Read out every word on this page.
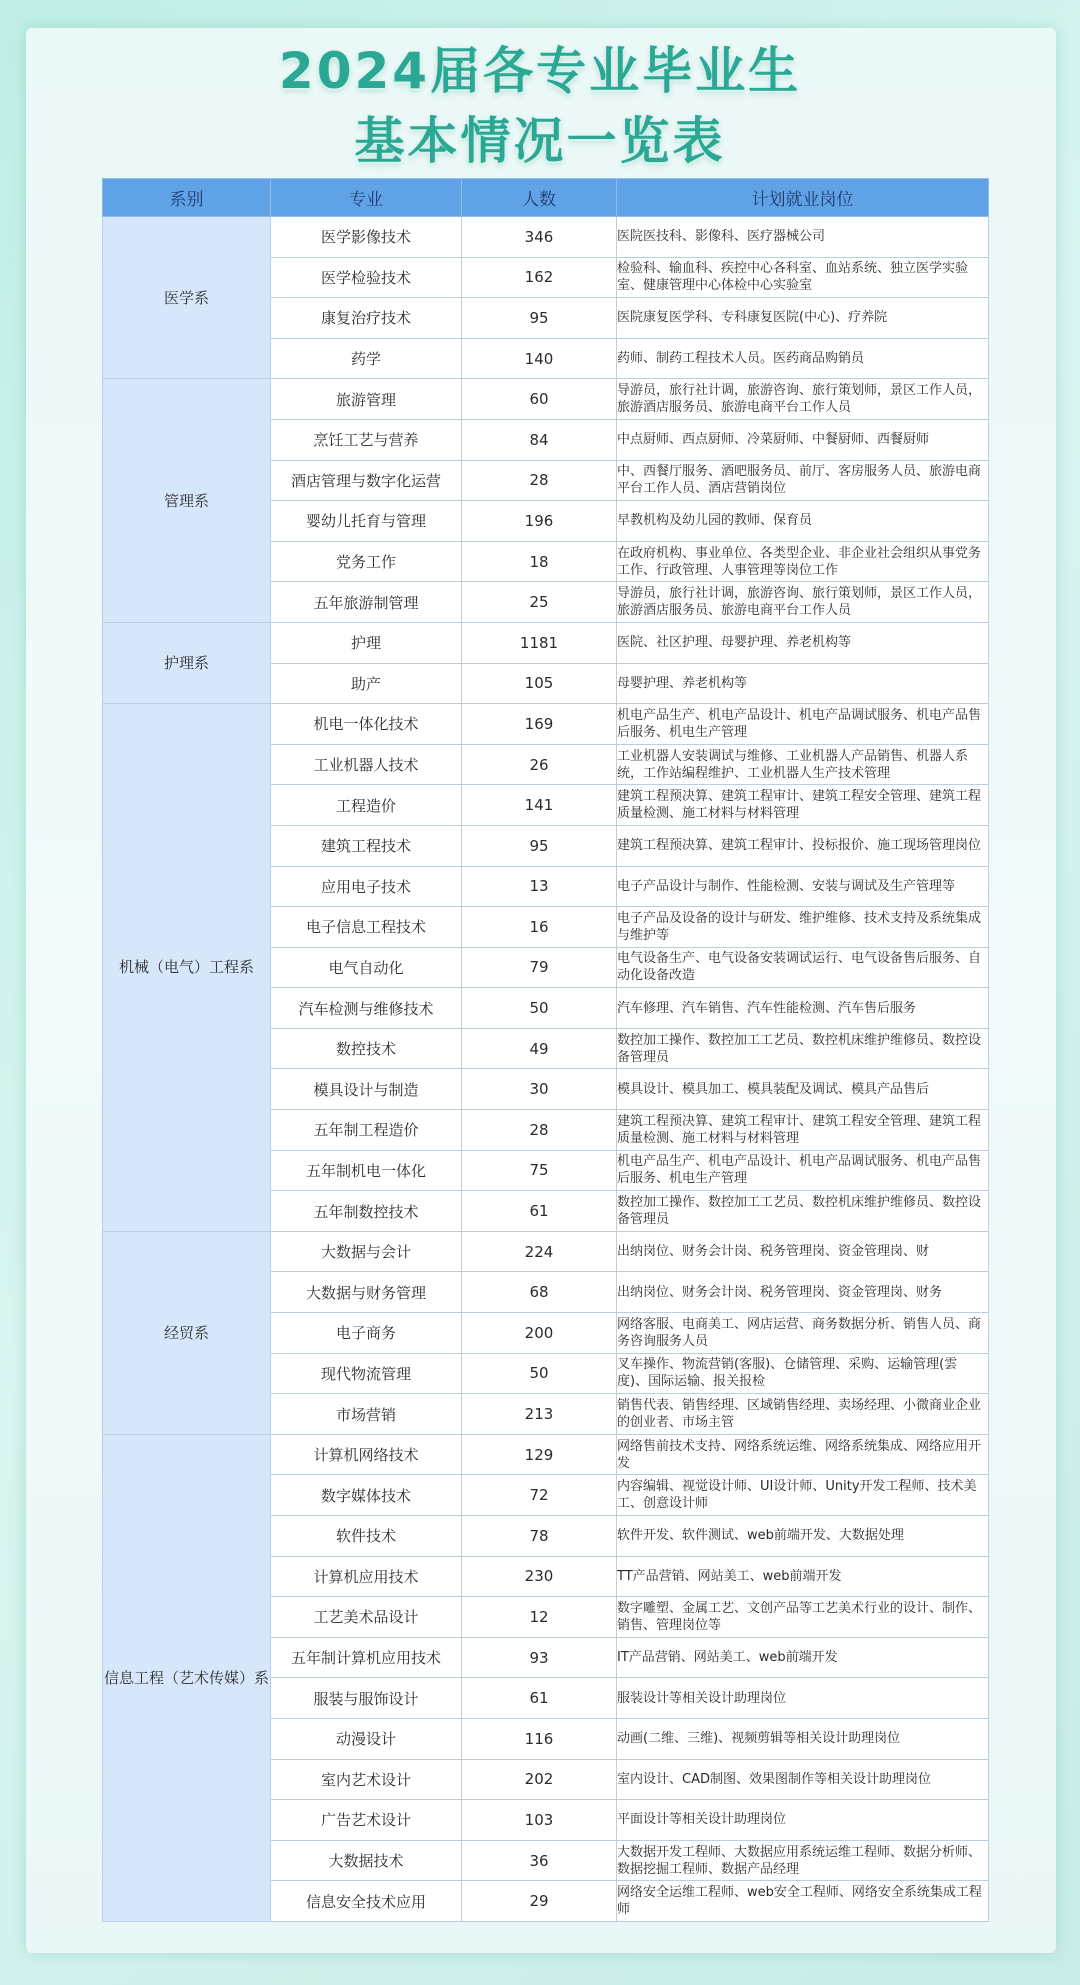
2024届各专业毕业生
基本情况一览表
系别	专业	人数	计划就业岗位
医学系	医学影像技术	346	医院医技科、影像科、医疗器械公司
	医学检验技术	162	检验科、输血科、疾控中心各科室、血站系统、独立医学实验室、健康管理中心体检中心实验室
	康复治疗技术	95	医院康复医学科、专科康复医院(中心)、疗养院
	药学	140	药师、制药工程技术人员。医药商品购销员
管理系	旅游管理	60	导游员，旅行社计调，旅游咨询、旅行策划师，景区工作人员，旅游酒店服务员、旅游电商平台工作人员
	烹饪工艺与营养	84	中点厨师、西点厨师、冷菜厨师、中餐厨师、西餐厨师
	酒店管理与数字化运营	28	中、西餐厅服务、酒吧服务员、前厅、客房服务人员、旅游电商平台工作人员、酒店营销岗位
	婴幼儿托育与管理	196	早教机构及幼儿园的教师、保育员
	党务工作	18	在政府机构、事业单位、各类型企业、非企业社会组织从事党务工作、行政管理、人事管理等岗位工作
	五年旅游制管理	25	导游员，旅行社计调，旅游咨询、旅行策划师，景区工作人员，旅游酒店服务员、旅游电商平台工作人员
护理系	护理	1181	医院、社区护理、母婴护理、养老机构等
	助产	105	母婴护理、养老机构等
机械（电气）工程系	机电一体化技术	169	机电产品生产、机电产品设计、机电产品调试服务、机电产品售后服务、机电生产管理
	工业机器人技术	26	工业机器人安装调试与维修、工业机器人产品销售、机器人系统，工作站编程维护、工业机器人生产技术管理
	工程造价	141	建筑工程预决算、建筑工程审计、建筑工程安全管理、建筑工程质量检测、施工材料与材料管理
	建筑工程技术	95	建筑工程预决算、建筑工程审计、投标报价、施工现场管理岗位
	应用电子技术	13	电子产品设计与制作、性能检测、安装与调试及生产管理等
	电子信息工程技术	16	电子产品及设备的设计与研发、维护维修、技术支持及系统集成与维护等
	电气自动化	79	电气设备生产、电气设备安装调试运行、电气设备售后服务、自动化设备改造
	汽车检测与维修技术	50	汽车修理、汽车销售、汽车性能检测、汽车售后服务
	数控技术	49	数控加工操作、数控加工工艺员、数控机床维护维修员、数控设备管理员
	模具设计与制造	30	模具设计、模具加工、模具装配及调试、模具产品售后
	五年制工程造价	28	建筑工程预决算、建筑工程审计、建筑工程安全管理、建筑工程质量检测、施工材料与材料管理
	五年制机电一体化	75	机电产品生产、机电产品设计、机电产品调试服务、机电产品售后服务、机电生产管理
	五年制数控技术	61	数控加工操作、数控加工工艺员、数控机床维护维修员、数控设备管理员
经贸系	大数据与会计	224	出纳岗位、财务会计岗、税务管理岗、资金管理岗、财
	大数据与财务管理	68	出纳岗位、财务会计岗、税务管理岗、资金管理岗、财务
	电子商务	200	网络客服、电商美工、网店运营、商务数据分析、销售人员、商务咨询服务人员
	现代物流管理	50	叉车操作、物流营销(客服)、仓储管理、采购、运输管理(雲度)、国际运输、报关报检
	市场营销	213	销售代表、销售经理、区域销售经理、卖场经理、小微商业企业的创业者、市场主管
信息工程（艺术传媒）系	计算机网络技术	129	网络售前技术支持、网络系统运维、网络系统集成、网络应用开发
	数字媒体技术	72	内容编辑、视觉设计师、UI设计师、Unity开发工程师、技术美工、创意设计师
	软件技术	78	软件开发、软件测试、web前端开发、大数据处理
	计算机应用技术	230	TT产品营销、网站美工、web前端开发
	工艺美术品设计	12	数字雕塑、金属工艺、文创产品等工艺美术行业的设计、制作、销售、管理岗位等
	五年制计算机应用技术	93	IT产品营销、网站美工、web前端开发
	服装与服饰设计	61	服装设计等相关设计助理岗位
	动漫设计	116	动画(二维、三维)、视频剪辑等相关设计助理岗位
	室内艺术设计	202	室内设计、CAD制图、效果图制作等相关设计助理岗位
	广告艺术设计	103	平面设计等相关设计助理岗位
	大数据技术	36	大数据开发工程师、大数据应用系统运维工程师、数据分析师、数据挖掘工程师、数据产品经理
	信息安全技术应用	29	网络安全运维工程师、web安全工程师、网络安全系统集成工程师
